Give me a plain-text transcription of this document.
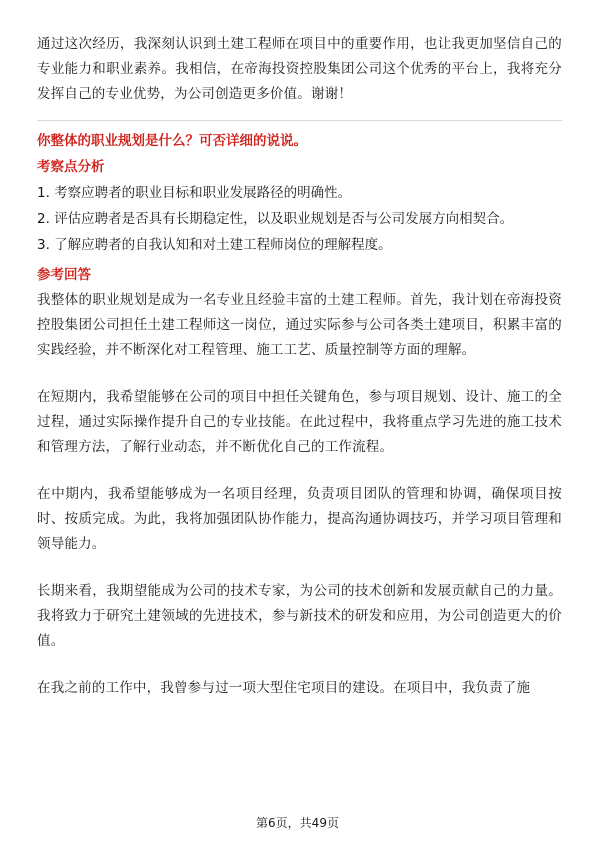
通过这次经历，我深刻认识到土建工程师在项目中的重要作用，也让我更加坚信自己的专业能力和职业素养。我相信，在帝海投资控股集团公司这个优秀的平台上，我将充分发挥自己的专业优势，为公司创造更多价值。谢谢！

你整体的职业规划是什么？可否详细的说说。

考察点分析

1. 考察应聘者的职业目标和职业发展路径的明确性。

2. 评估应聘者是否具有长期稳定性，以及职业规划是否与公司发展方向相契合。

3. 了解应聘者的自我认知和对土建工程师岗位的理解程度。

参考回答

我整体的职业规划是成为一名专业且经验丰富的土建工程师。首先，我计划在帝海投资控股集团公司担任土建工程师这一岗位，通过实际参与公司各类土建项目，积累丰富的实践经验，并不断深化对工程管理、施工工艺、质量控制等方面的理解。

在短期内，我希望能够在公司的项目中担任关键角色，参与项目规划、设计、施工的全过程，通过实际操作提升自己的专业技能。在此过程中，我将重点学习先进的施工技术和管理方法，了解行业动态，并不断优化自己的工作流程。

在中期内，我希望能够成为一名项目经理，负责项目团队的管理和协调，确保项目按时、按质完成。为此，我将加强团队协作能力，提高沟通协调技巧，并学习项目管理和领导能力。

长期来看，我期望能成为公司的技术专家，为公司的技术创新和发展贡献自己的力量。我将致力于研究土建领域的先进技术，参与新技术的研发和应用，为公司创造更大的价值。

在我之前的工作中，我曾参与过一项大型住宅项目的建设。在项目中，我负责了施

第6页，共49页
